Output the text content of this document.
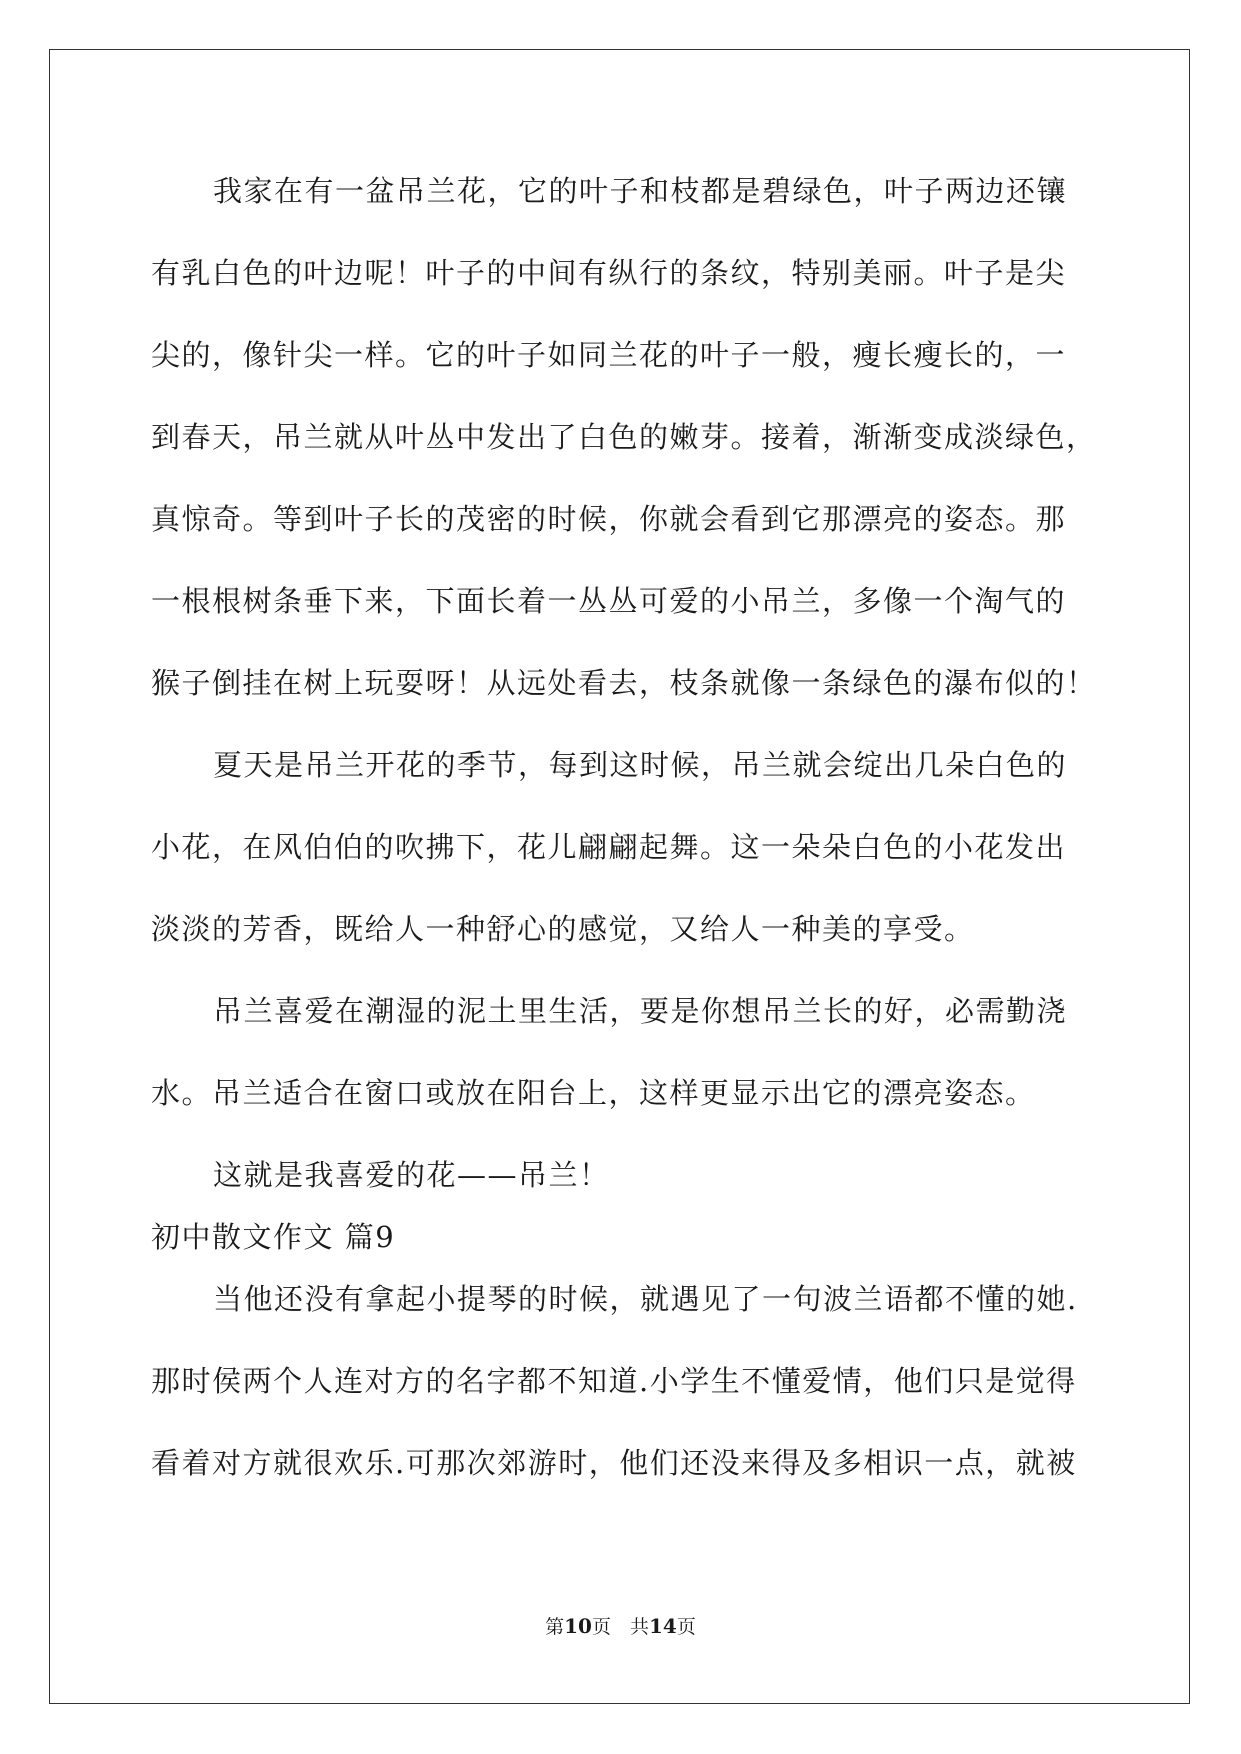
我家在有一盆吊兰花，它的叶子和枝都是碧绿色，叶子两边还镶
有乳白色的叶边呢！叶子的中间有纵行的条纹，特别美丽。叶子是尖
尖的，像针尖一样。它的叶子如同兰花的叶子一般，瘦长瘦长的，一
到春天，吊兰就从叶丛中发出了白色的嫩芽。接着，渐渐变成淡绿色，
真惊奇。等到叶子长的茂密的时候，你就会看到它那漂亮的姿态。那
一根根树条垂下来，下面长着一丛丛可爱的小吊兰，多像一个淘气的
猴子倒挂在树上玩耍呀！从远处看去，枝条就像一条绿色的瀑布似的！
夏天是吊兰开花的季节，每到这时候，吊兰就会绽出几朵白色的
小花，在风伯伯的吹拂下，花儿翩翩起舞。这一朵朵白色的小花发出
淡淡的芳香，既给人一种舒心的感觉，又给人一种美的享受。
吊兰喜爱在潮湿的泥土里生活，要是你想吊兰长的好，必需勤浇
水。吊兰适合在窗口或放在阳台上，这样更显示出它的漂亮姿态。
这就是我喜爱的花——吊兰！
初中散文作文 篇9
当他还没有拿起小提琴的时候，就遇见了一句波兰语都不懂的她.
那时侯两个人连对方的名字都不知道.小学生不懂爱情，他们只是觉得
看着对方就很欢乐.可那次郊游时，他们还没来得及多相识一点，就被
第10页　共14页
